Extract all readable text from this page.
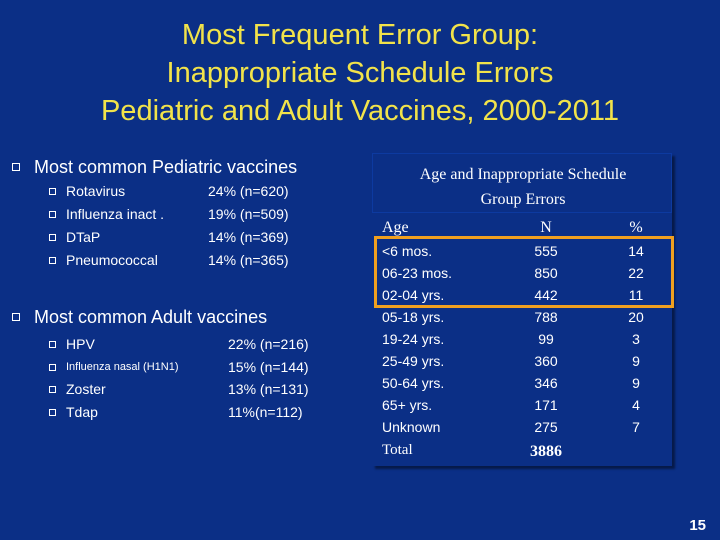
Most Frequent Error Group:
Inappropriate Schedule Errors
Pediatric and Adult Vaccines, 2000-2011
Most common Pediatric vaccines
Rotavirus	24% (n=620)
Influenza inact .	19% (n=509)
DTaP	14% (n=369)
Pneumococcal	14% (n=365)
Most common Adult vaccines
HPV	22% (n=216)
Influenza nasal (H1N1)	15% (n=144)
Zoster	13% (n=131)
Tdap	11%(n=112)
Age and Inappropriate Schedule
Group Errors
Age	N	%
<6 mos.	555	14
06-23 mos.	850	22
02-04 yrs.	442	11
05-18 yrs.	788	20
19-24 yrs.	99	3
25-49 yrs.	360	9
50-64 yrs.	346	9
65+ yrs.	171	4
Unknown	275	7
Total	3886
15
